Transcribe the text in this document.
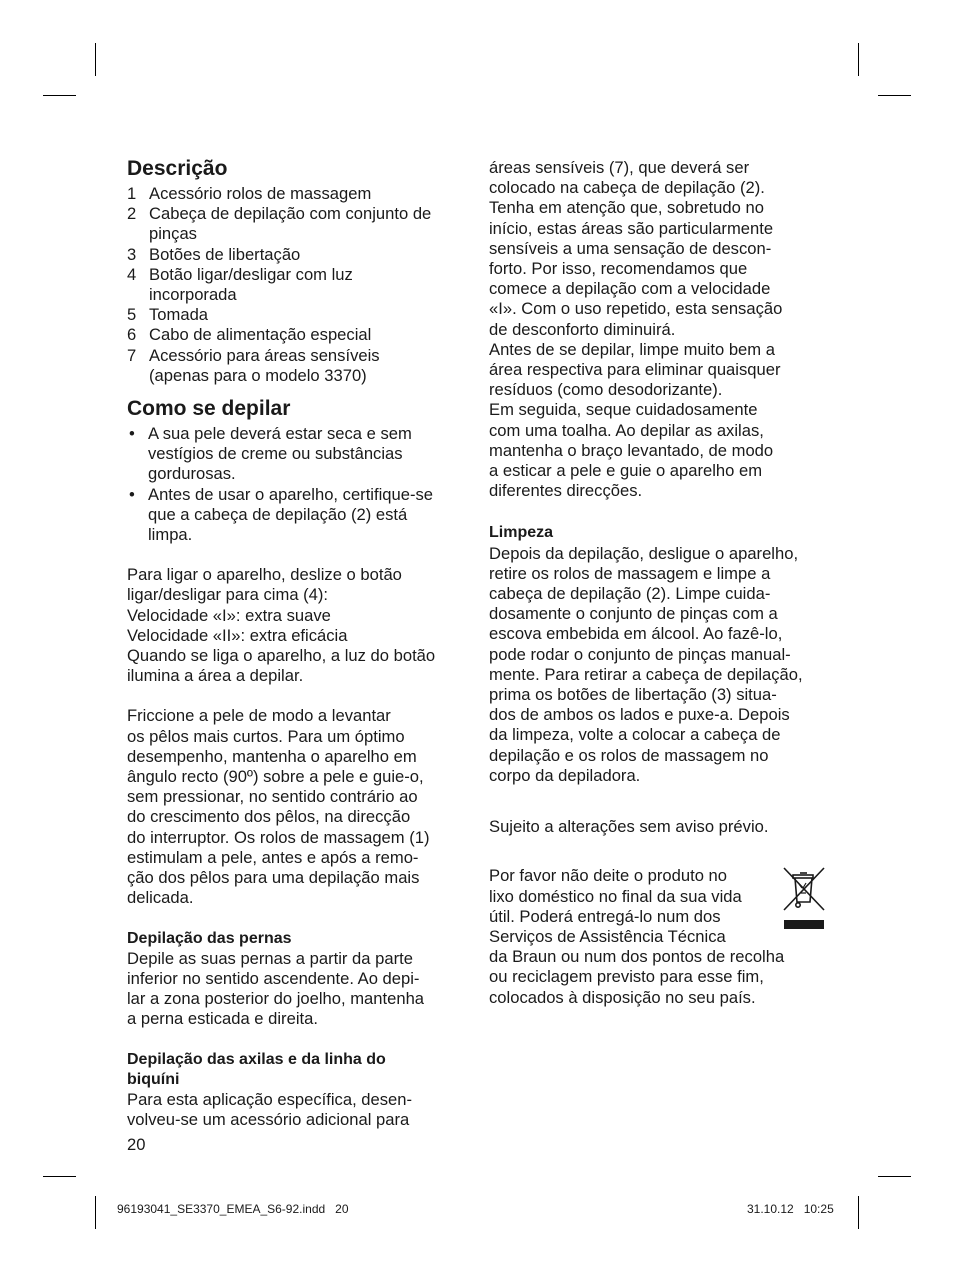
Descrição
1 Acessório rolos de massagem
2 Cabeça de depilação com conjunto de
pinças
3 Botões de libertação
4 Botão ligar/desligar com luz
incorporada
5 Tomada
6 Cabo de alimentação especial
7 Acessório para áreas sensíveis
(apenas para o modelo 3370)
Como se depilar
• A sua pele deverá estar seca e sem
vestígios de creme ou substâncias
gordurosas.
• Antes de usar o aparelho, certifique-se
que a cabeça de depilação (2) está
limpa.

Para ligar o aparelho, deslize o botão
ligar/desligar para cima (4):
Velocidade «I»: extra suave
Velocidade «II»: extra eficácia
Quando se liga o aparelho, a luz do botão
ilumina a área a depilar.

Friccione a pele de modo a levantar
os pêlos mais curtos. Para um óptimo
desempenho, mantenha o aparelho em
ângulo recto (90º) sobre a pele e guie-o,
sem pressionar, no sentido contrário ao
do crescimento dos pêlos, na direcção
do interruptor. Os rolos de massagem (1)
estimulam a pele, antes e após a remo-
ção dos pêlos para uma depilação mais
delicada.

Depilação das pernas

Depile as suas pernas a partir da parte
inferior no sentido ascendente. Ao depi-
lar a zona posterior do joelho, mantenha
a perna esticada e direita.

Depilação das axilas e da linha do
biquíni

Para esta aplicação específica, desen-
volveu-se um acessório adicional para

20

áreas sensíveis (7), que deverá ser
colocado na cabeça de depilação (2).
Tenha em atenção que, sobretudo no
início, estas áreas são particularmente
sensíveis a uma sensação de descon-
forto. Por isso, recomendamos que
comece a depilação com a velocidade
«I». Com o uso repetido, esta sensação
de desconforto diminuirá.
Antes de se depilar, limpe muito bem a
área respectiva para eliminar quaisquer
resíduos (como desodorizante).
Em seguida, seque cuidadosamente
com uma toalha. Ao depilar as axilas,
mantenha o braço levantado, de modo
a esticar a pele e guie o aparelho em
diferentes direcções.

Limpeza

Depois da depilação, desligue o aparelho,
retire os rolos de massagem e limpe a
cabeça de depilação (2). Limpe cuida-
dosamente o conjunto de pinças com a
escova embebida em álcool. Ao fazê-lo,
pode rodar o conjunto de pinças manual-
mente. Para retirar a cabeça de depilação,
prima os botões de libertação (3) situa-
dos de ambos os lados e puxe-a. Depois
da limpeza, volte a colocar a cabeça de
depilação e os rolos de massagem no
corpo da depiladora.

Sujeito a alterações sem aviso prévio.

Por favor não deite o produto no
lixo doméstico no final da sua vida
útil. Poderá entregá-lo num dos
Serviços de Assistência Técnica
da Braun ou num dos pontos de recolha
ou reciclagem previsto para esse fim,
colocados à disposição no seu país.

96193041_SE3370_EMEA_S6-92.indd   20	31.10.12   10:25
